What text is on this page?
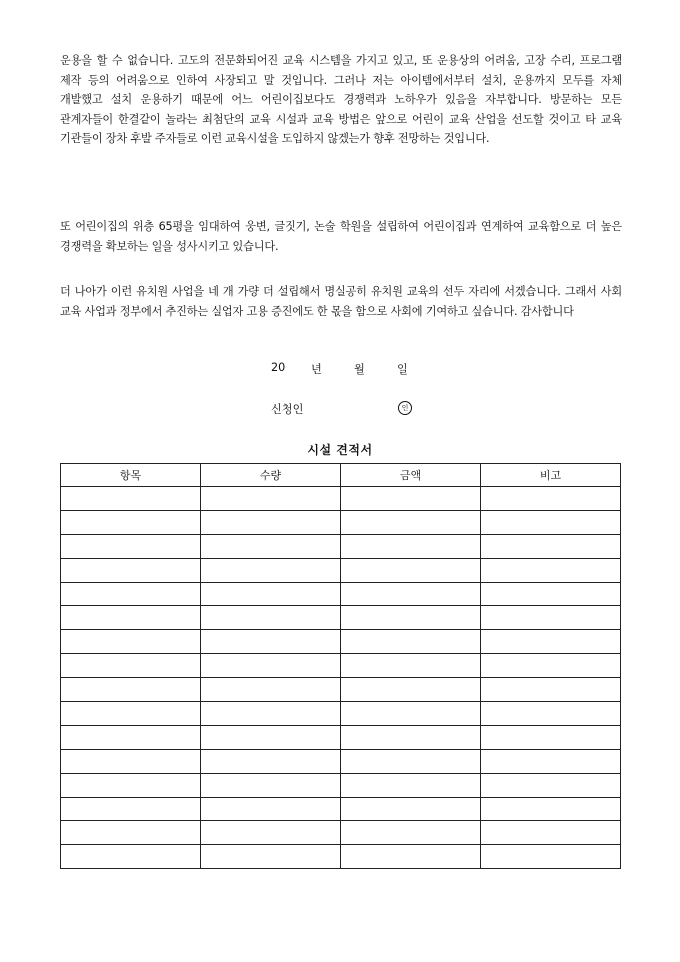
운용을 할 수 없습니다. 고도의 전문화되어진 교육 시스템을 가지고 있고, 또 운용상의 어려움, 고장 수리, 프로그램 제작 등의 어려움으로 인하여 사장되고 말 것입니다. 그러나 저는 아이템에서부터 설치, 운용까지 모두를 자체 개발했고 설치 운용하기 때문에 어느 어린이집보다도 경쟁력과 노하우가 있음을 자부합니다. 방문하는 모든 관계자들이 한결같이 놀라는 최첨단의 교육 시설과 교육 방법은 앞으로 어린이 교육 산업을 선도할 것이고 타 교육 기관들이 장차 후발 주자들로 이런 교육시설을 도입하지 않겠는가 향후 전망하는 것입니다.

또 어린이집의 위층 65평을 임대하여 웅변, 글짓기, 논술 학원을 설립하여 어린이집과 연계하여 교육함으로 더 높은 경쟁력을 확보하는 일을 성사시키고 있습니다.

더 나아가 이런 유치원 사업을 네 개 가량 더 설립해서 명실공히 유치원 교육의 선두 자리에 서겠습니다. 그래서 사회 교육 사업과 정부에서 추진하는 실업자 고용 증진에도 한 몫을 함으로 사회에 기여하고 싶습니다. 감사합니다

20 년	월	일
신청인	인
시설 견적서
항목	수량	금액	비고
